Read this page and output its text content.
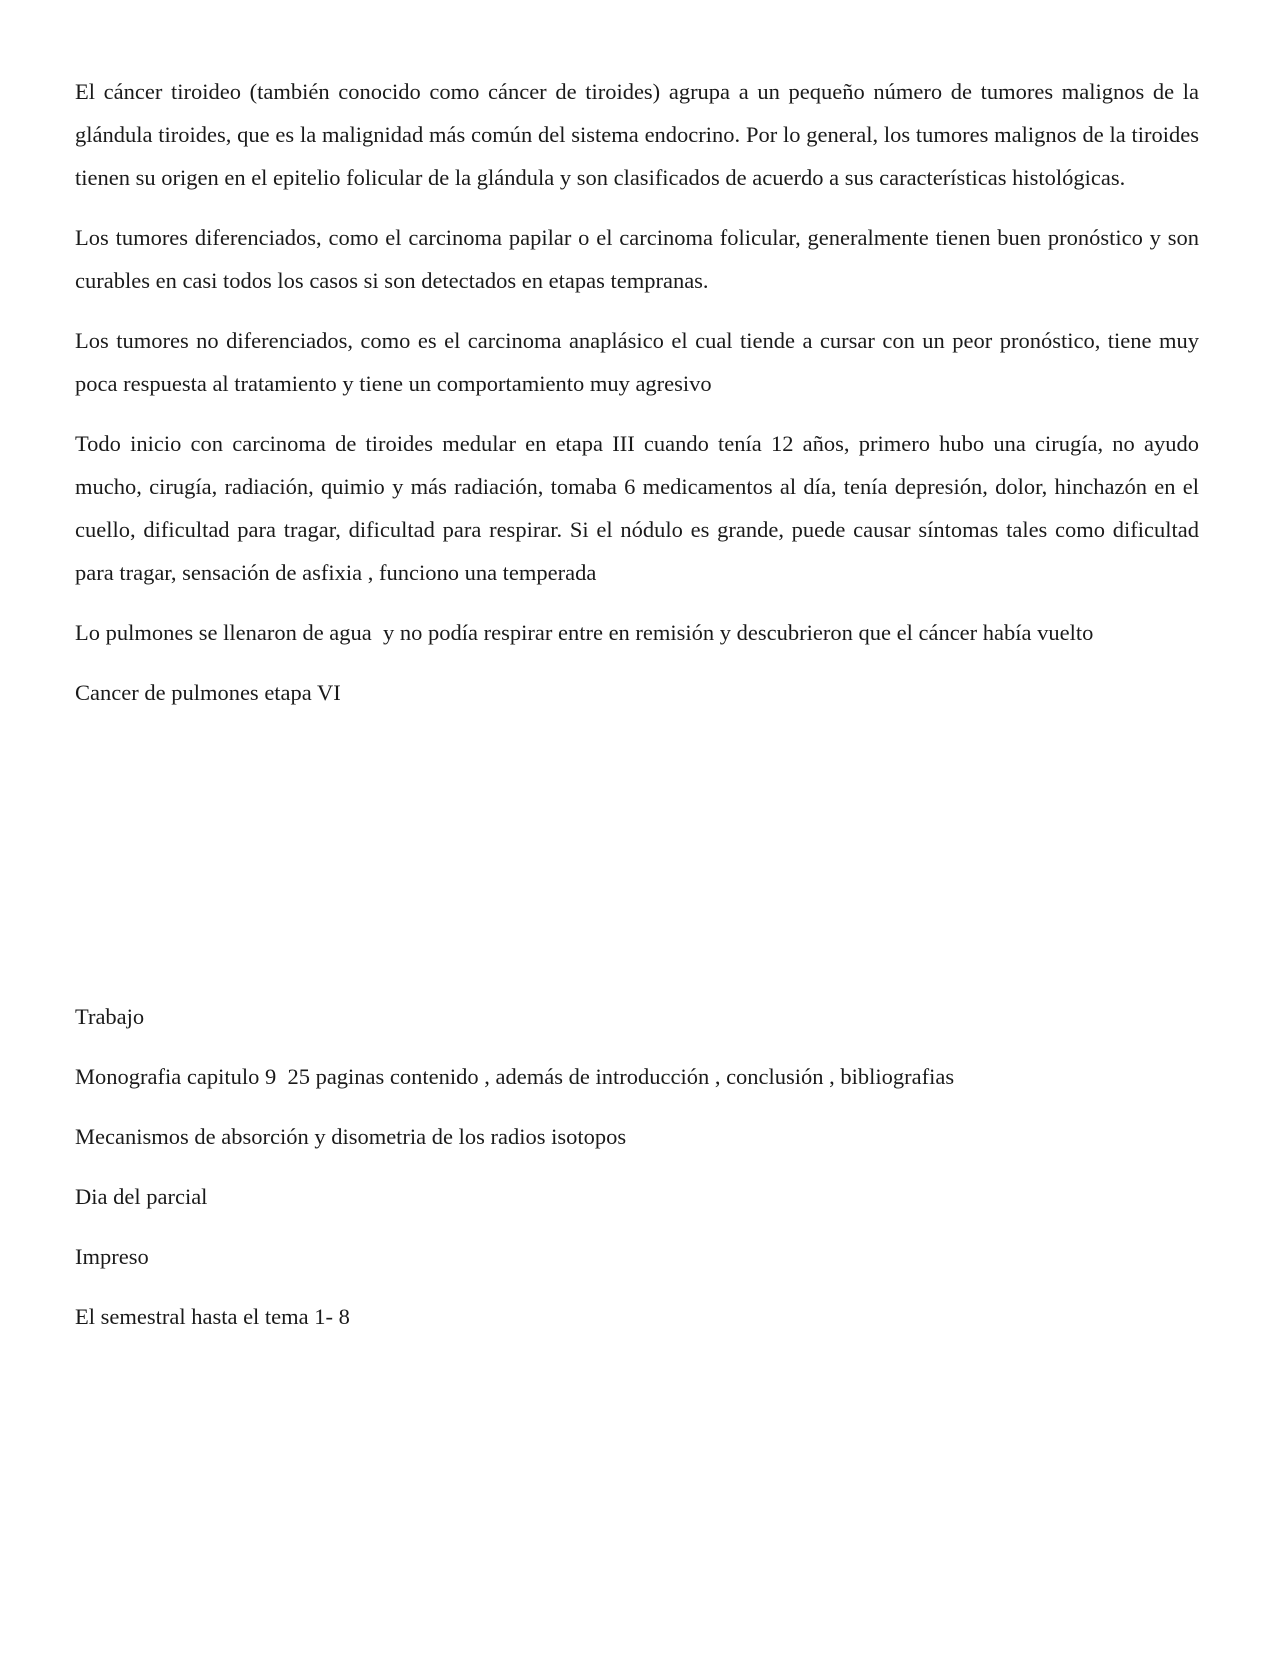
El cáncer tiroideo (también conocido como cáncer de tiroides) agrupa a un pequeño número de tumores malignos de la glándula tiroides, que es la malignidad más común del sistema endocrino. Por lo general, los tumores malignos de la tiroides tienen su origen en el epitelio folicular de la glándula y son clasificados de acuerdo a sus características histológicas.

Los tumores diferenciados, como el carcinoma papilar o el carcinoma folicular, generalmente tienen buen pronóstico y son curables en casi todos los casos si son detectados en etapas tempranas.

Los tumores no diferenciados, como es el carcinoma anaplásico el cual tiende a cursar con un peor pronóstico, tiene muy poca respuesta al tratamiento y tiene un comportamiento muy agresivo

Todo inicio con carcinoma de tiroides medular en etapa III cuando tenía 12 años, primero hubo una cirugía, no ayudo mucho, cirugía, radiación, quimio y más radiación, tomaba 6 medicamentos al día, tenía depresión, dolor, hinchazón en el cuello, dificultad para tragar, dificultad para respirar. Si el nódulo es grande, puede causar síntomas tales como dificultad para tragar, sensación de asfixia , funciono una temperada

Lo pulmones se llenaron de agua  y no podía respirar entre en remisión y descubrieron que el cáncer había vuelto

Cancer de pulmones etapa VI

Trabajo

Monografia capitulo 9  25 paginas contenido , además de introducción , conclusión , bibliografias

Mecanismos de absorción y disometria de los radios isotopos

Dia del parcial

Impreso

El semestral hasta el tema 1- 8
